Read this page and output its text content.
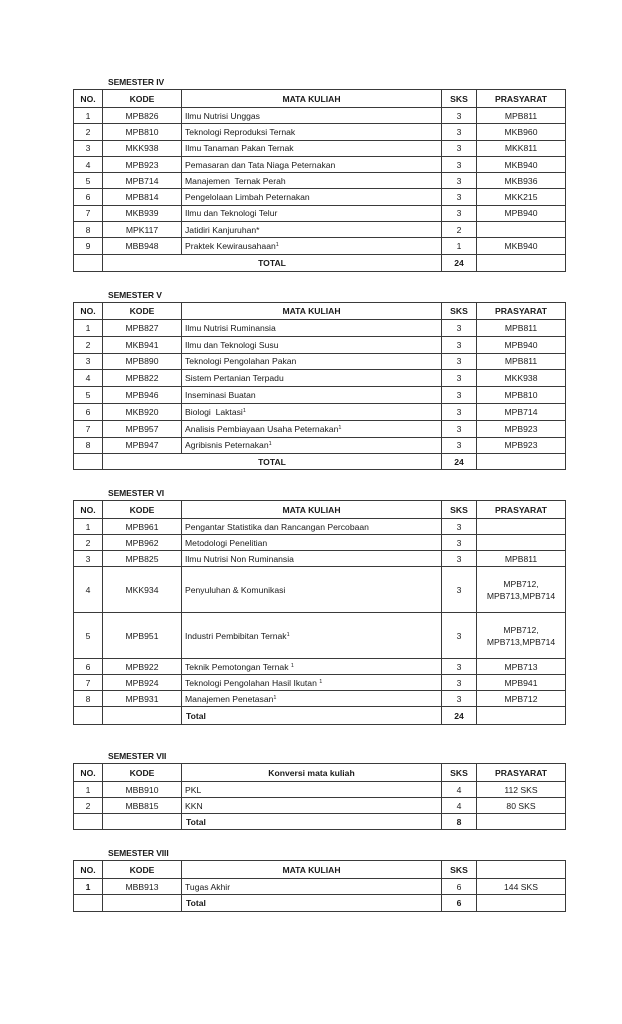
SEMESTER IV
NO.	KODE	MATA KULIAH	SKS	PRASYARAT
1	MPB826	Ilmu Nutrisi Unggas	3	MPB811
2	MPB810	Teknologi Reproduksi Ternak	3	MKB960
3	MKK938	Ilmu Tanaman Pakan Ternak	3	MKK811
4	MPB923	Pemasaran dan Tata Niaga Peternakan	3	MKB940
5	MPB714	Manajemen  Ternak Perah	3	MKB936
6	MPB814	Pengelolaan Limbah Peternakan	3	MKK215
7	MKB939	Ilmu dan Teknologi Telur	3	MPB940
8	MPK117	Jatidiri Kanjuruhan*	2	
9	MBB948	Praktek Kewirausahaan$^1$	1	MKB940
	TOTAL		24	
SEMESTER V
NO.	KODE	MATA KULIAH	SKS	PRASYARAT
1	MPB827	Ilmu Nutrisi Ruminansia	3	MPB811
2	MKB941	Ilmu dan Teknologi Susu	3	MPB940
3	MPB890	Teknologi Pengolahan Pakan	3	MPB811
4	MPB822	Sistem Pertanian Terpadu	3	MKK938
5	MPB946	Inseminasi Buatan	3	MPB810
6	MKB920	Biologi  Laktasi$^1$	3	MPB714
7	MPB957	Analisis Pembiayaan Usaha Peternakan$^1$	3	MPB923
8	MPB947	Agribisnis Peternakan$^1$	3	MPB923
	TOTAL		24	
SEMESTER VI
NO.	KODE	MATA KULIAH	SKS	PRASYARAT
1	MPB961	Pengantar Statistika dan Rancangan Percobaan	3	
2	MPB962	Metodologi Penelitian	3	
3	MPB825	Ilmu Nutrisi Non Ruminansia	3	MPB811
4	MKK934	Penyuluhan & Komunikasi	3	MPB712,
MPB713,MPB714

5	MPB951	Industri Pembibitan Ternak$^1$	3	MPB712,
MPB713,MPB714

6	MPB922	Teknik Pemotongan Ternak $^1$	3	MPB713
7	MPB924	Teknologi Pengolahan Hasil Ikutan $^1$	3	MPB941
8	MPB931	Manajemen Penetasan$^1$	3	MPB712
		Total	24	
SEMESTER VII
NO.	KODE	Konversi mata kuliah	SKS	PRASYARAT
1	MBB910	PKL	4	112 SKS
2	MBB815	KKN	4	80 SKS
		Total	8	
SEMESTER VIII
NO.	KODE	MATA KULIAH	SKS	
1	MBB913	Tugas Akhir	6	144 SKS
		Total	6	
